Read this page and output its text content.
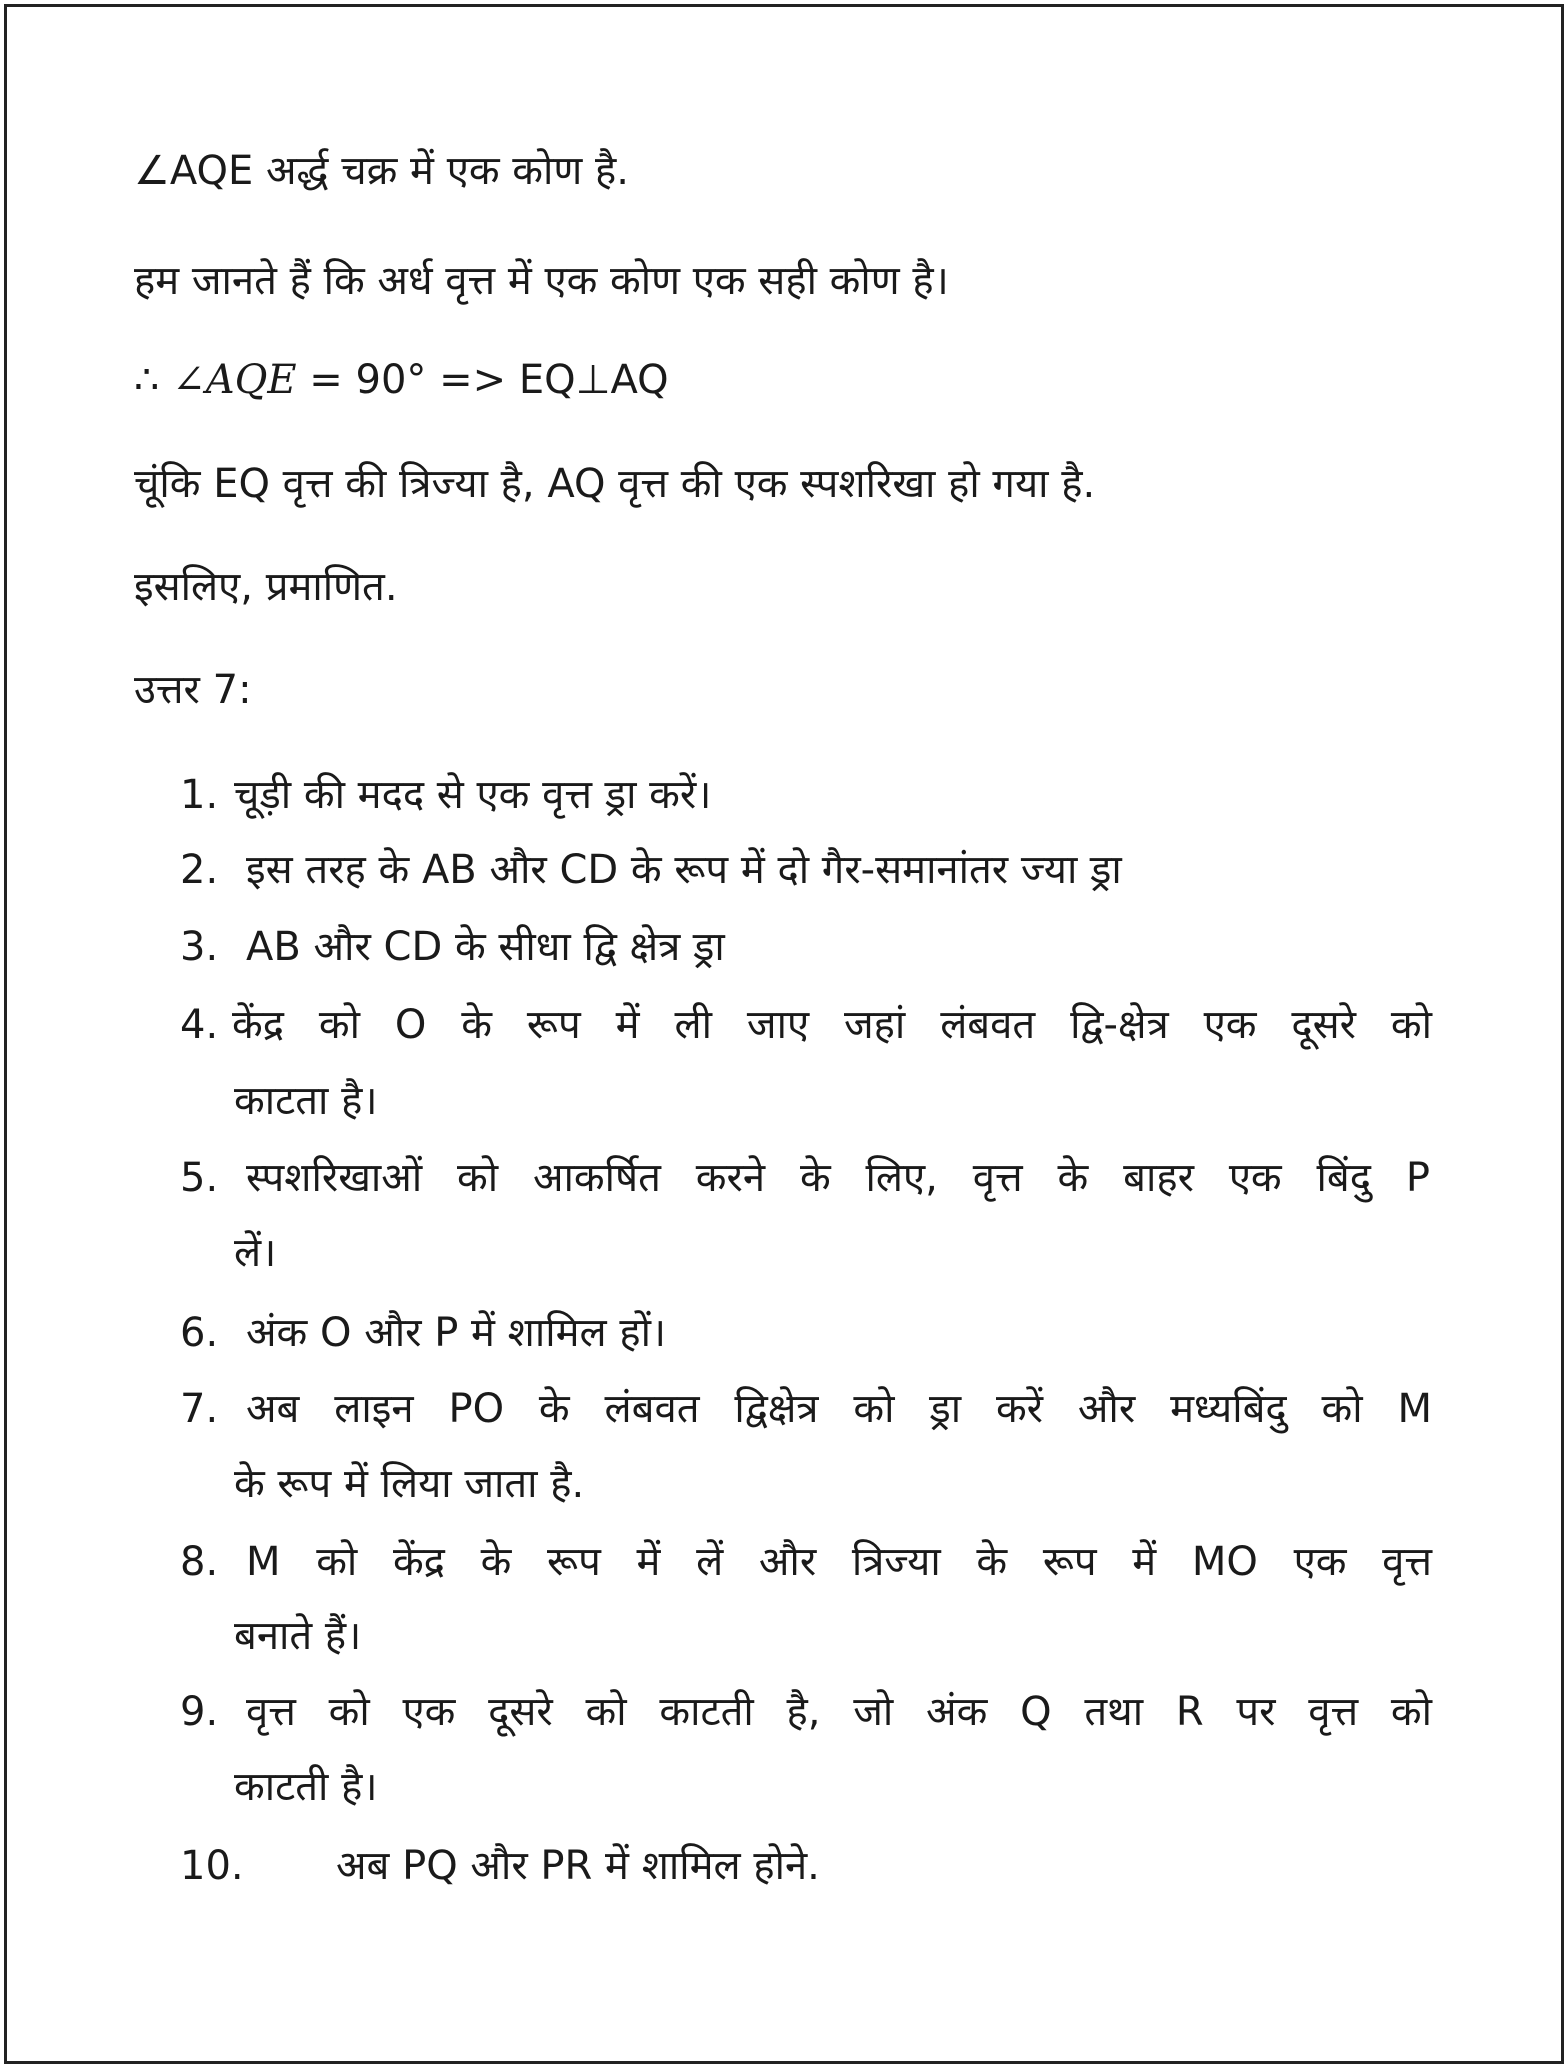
∠AQE अर्द्ध चक्र में एक कोण है.
हम जानते हैं कि अर्ध वृत्त में एक कोण एक सही कोण है।
∴ ∠AQE = 90° => EQ⊥AQ
चूंकि EQ वृत्त की त्रिज्या है, AQ वृत्त की एक स्पशरिखा हो गया है.
इसलिए, प्रमाणित.
उत्तर 7:
1. चूड़ी की मदद से एक वृत्त ड्रा करें।
2. इस तरह के AB और CD के रूप में दो गैर-समानांतर ज्या ड्रा
3. AB और CD के सीधा द्वि क्षेत्र ड्रा
4. केंद्र को O के रूप में ली जाए जहां लंबवत द्वि-क्षेत्र एक दूसरे को
काटता है।
5. स्पशरिखाओं को आकर्षित करने के लिए, वृत्त के बाहर एक बिंदु P
लें।
6. अंक O और P में शामिल हों।
7. अब लाइन PO के लंबवत द्विक्षेत्र को ड्रा करें और मध्यबिंदु को M
के रूप में लिया जाता है.
8. M को केंद्र के रूप में लें और त्रिज्या के रूप में MO एक वृत्त
बनाते हैं।
9. वृत्त को एक दूसरे को काटती है, जो अंक Q तथा R पर वृत्त को
काटती है।
10. अब PQ और PR में शामिल होने.
